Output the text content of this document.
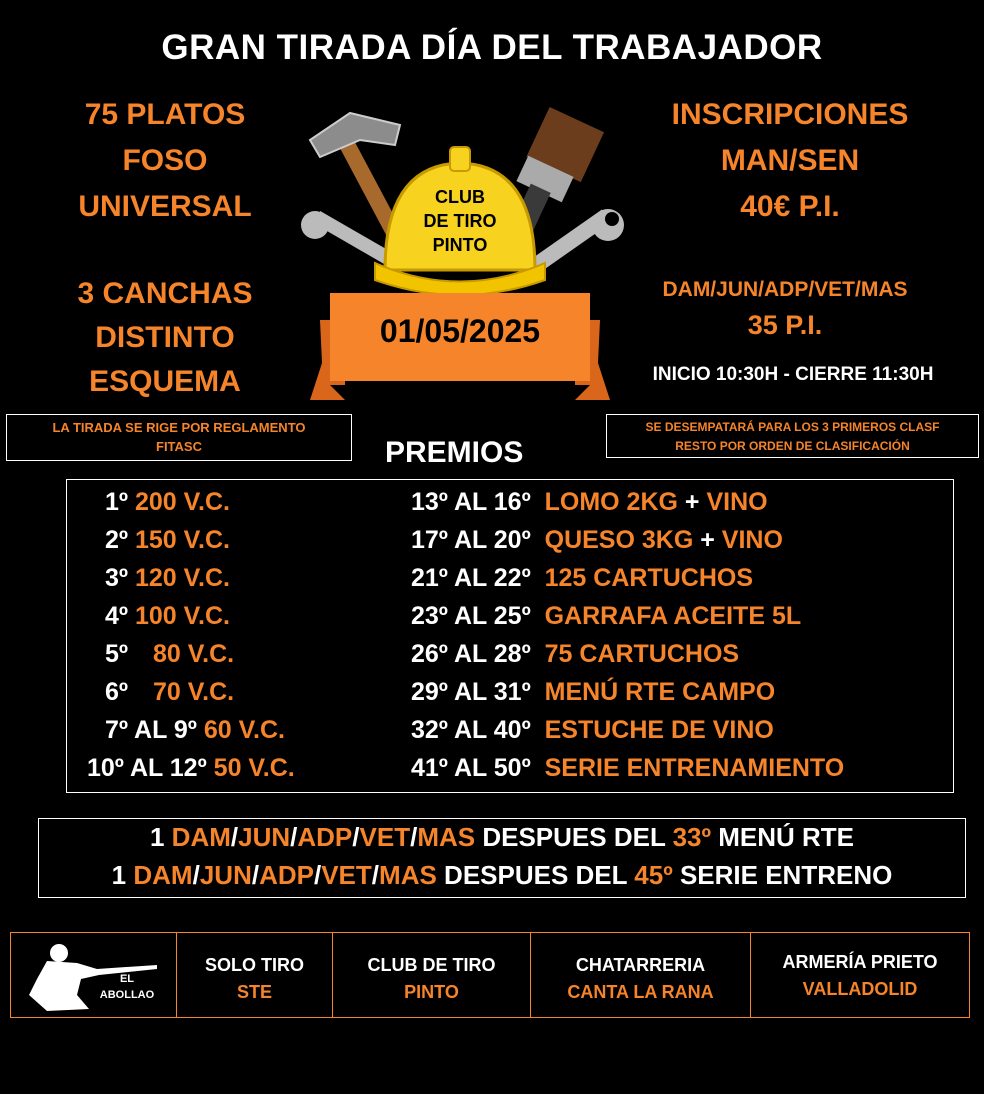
GRAN TIRADA DÍA DEL TRABAJADOR
75 PLATOS
FOSO
UNIVERSAL
3 CANCHAS
DISTINTO
ESQUEMA
CLUB
DE TIRO
PINTO
01/05/2025
INSCRIPCIONES
MAN/SEN
40€ P.I.
DAM/JUN/ADP/VET/MAS
35 P.I.
INICIO 10:30H - CIERRE 11:30H
LA TIRADA SE RIGE POR REGLAMENTO
FITASC
SE DESEMPATARÁ PARA LOS 3 PRIMEROS CLASF
RESTO POR ORDEN DE CLASIFICACIÓN
PREMIOS
1º 200 V.C.
2º 150 V.C.
3º 120 V.C.
4º 100 V.C.
5º 80 V.C.
6º 70 V.C.
7º AL 9º 60 V.C.
10º AL 12º 50 V.C.
13º AL 16º LOMO 2KG + VINO
17º AL 20º QUESO 3KG + VINO
21º AL 22º 125 CARTUCHOS
23º AL 25º GARRAFA ACEITE 5L
26º AL 28º 75 CARTUCHOS
29º AL 31º MENÚ RTE CAMPO
32º AL 40º ESTUCHE DE VINO
41º AL 50º SERIE ENTRENAMIENTO
1 DAM/JUN/ADP/VET/MAS DESPUES DEL 33º MENÚ RTE
1 DAM/JUN/ADP/VET/MAS DESPUES DEL 45º SERIE ENTRENO
EL
ABOLLAO
SOLO TIRO
STE
CLUB DE TIRO
PINTO
CHATARRERIA
CANTA LA RANA
ARMERÍA PRIETO
VALLADOLID
